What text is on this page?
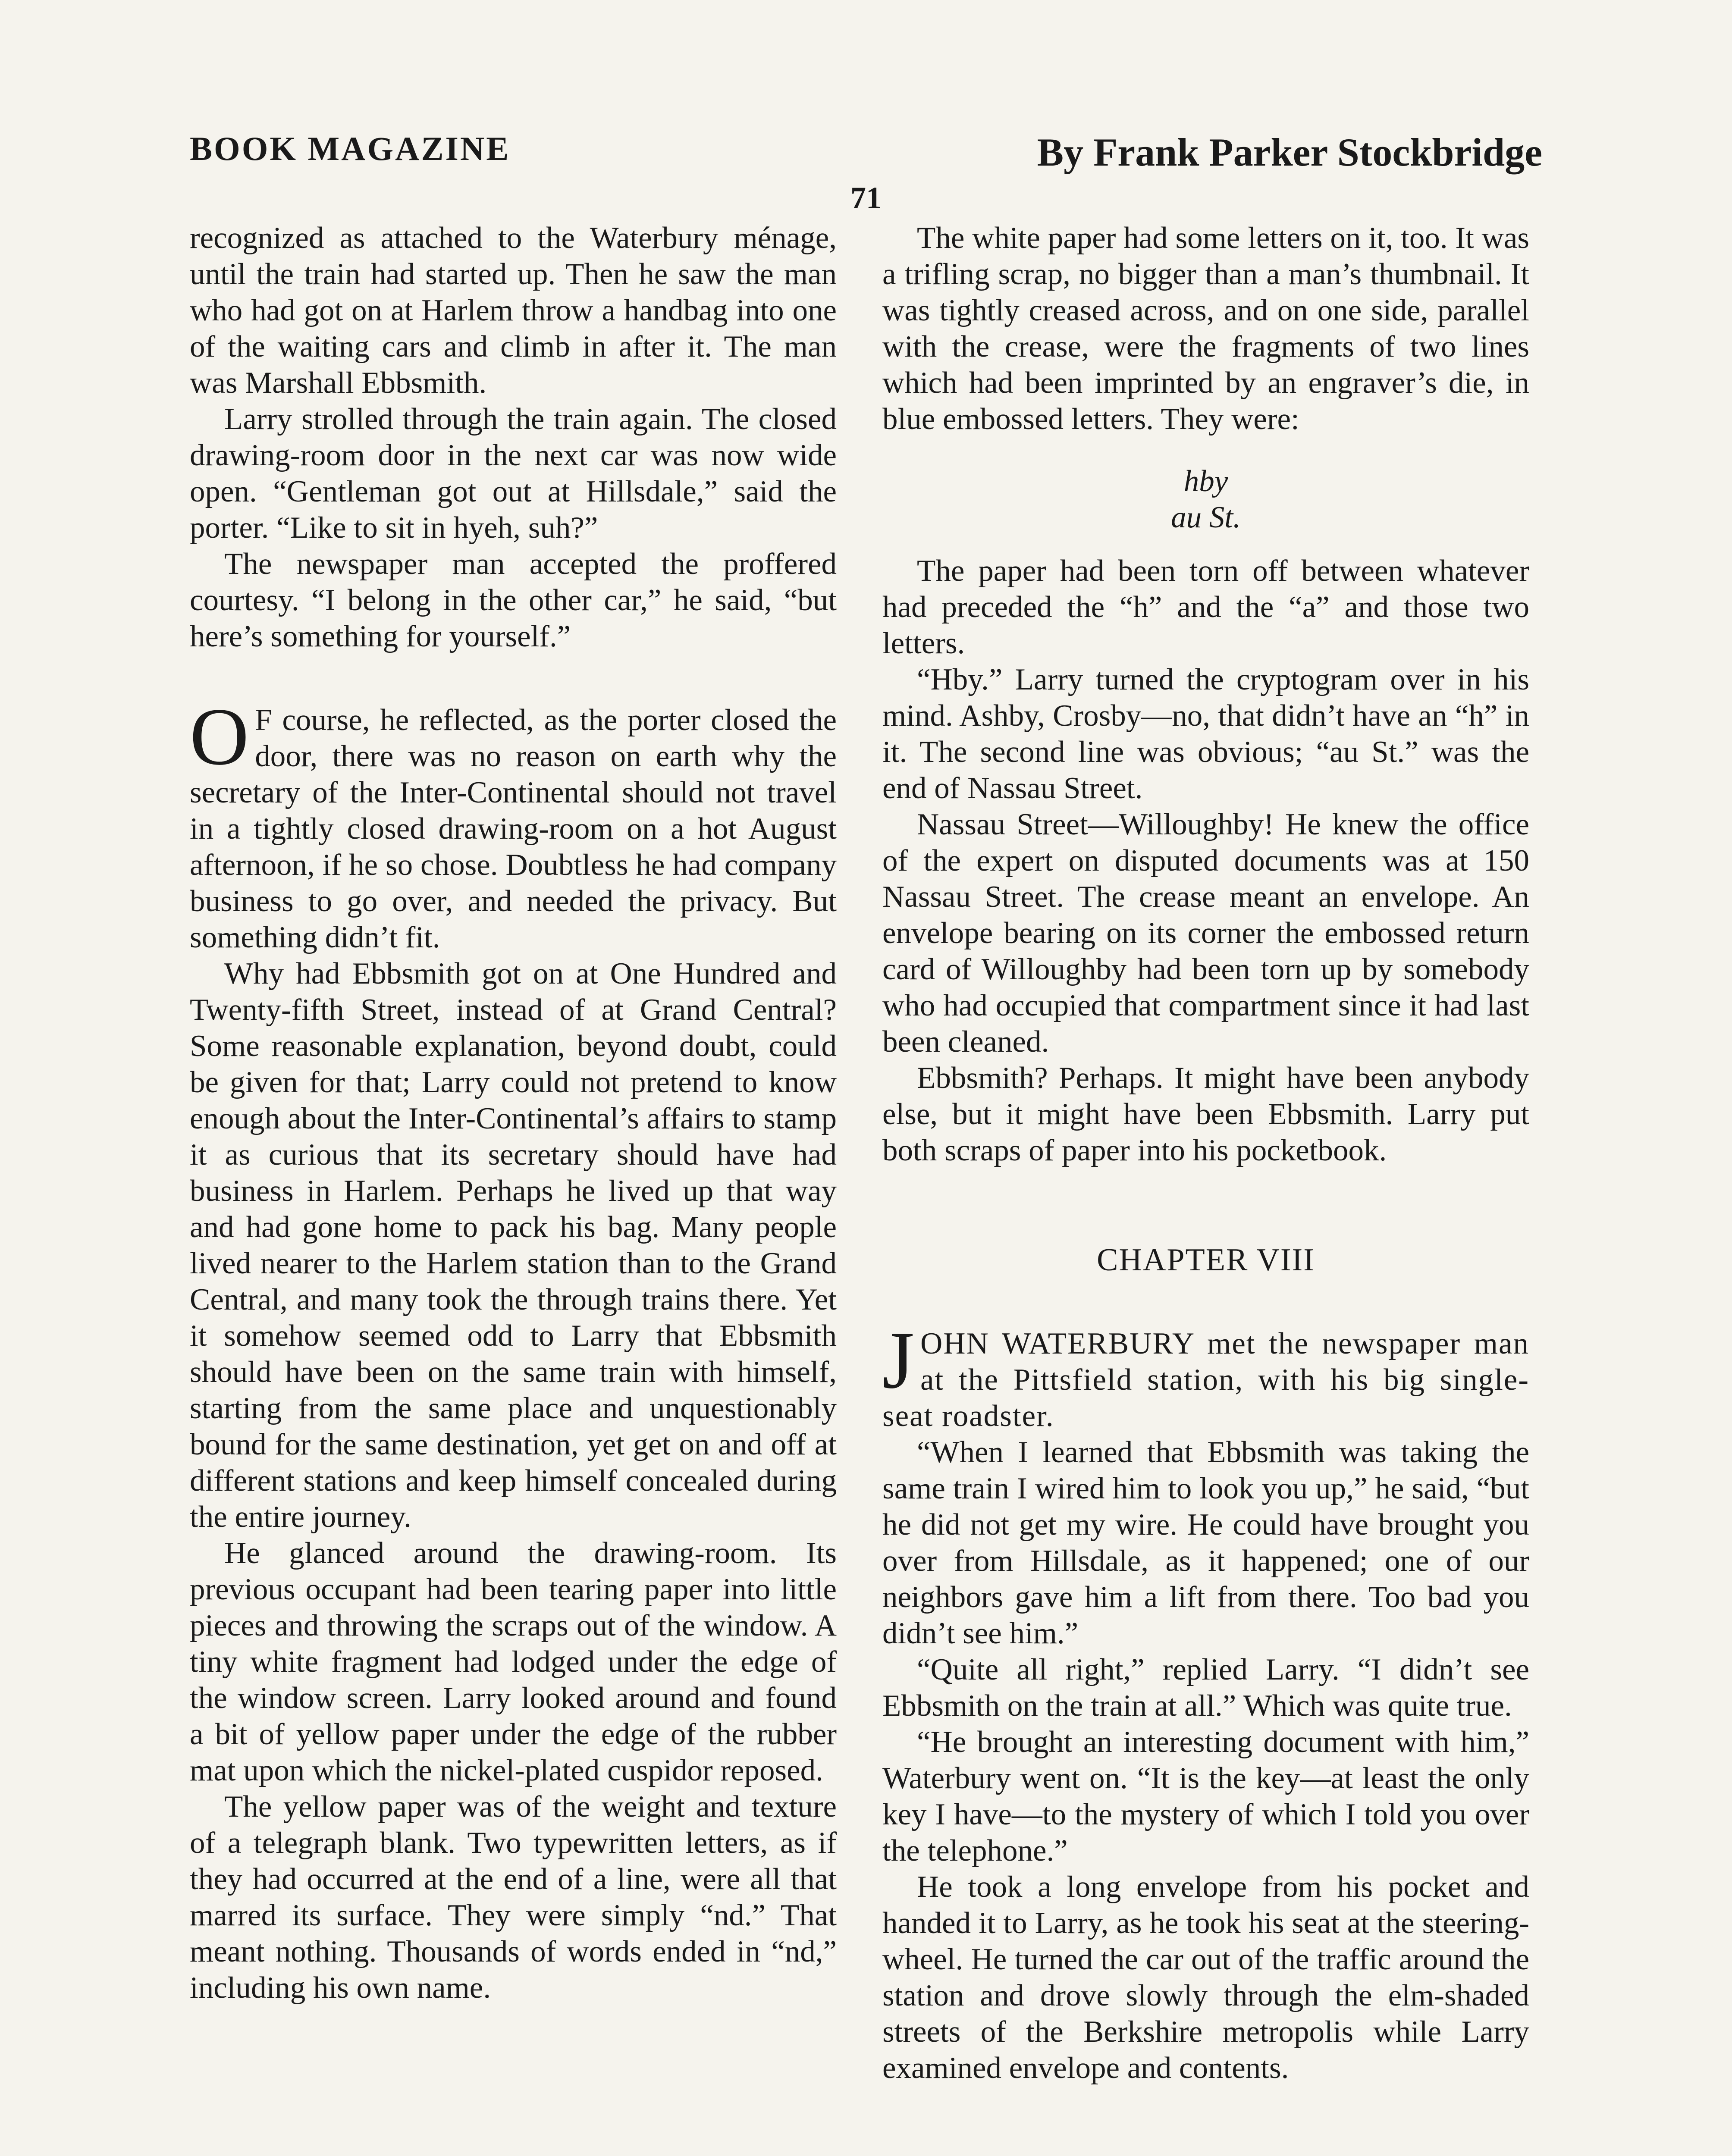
BOOK MAGAZINE	By Frank Parker Stockbridge
71

recognized as attached to the Waterbury ménage, until the train had started up. Then he saw the man who had got on at Harlem throw a handbag into one of the waiting cars and climb in after it. The man was Marshall Ebbsmith.

Larry strolled through the train again. The closed drawing-room door in the next car was now wide open. “Gentleman got out at Hillsdale,” said the porter. “Like to sit in hyeh, suh?”

The newspaper man accepted the proffered courtesy. “I belong in the other car,” he said, “but here’s something for yourself.”

O F course, he reflected, as the porter closed the door, there was no reason on earth why the secretary of the Inter-Continental should not travel in a tightly closed drawing-room on a hot August afternoon, if he so chose. Doubtless he had company business to go over, and needed the privacy. But something didn’t fit.

Why had Ebbsmith got on at One Hundred and Twenty-fifth Street, instead of at Grand Central? Some reasonable explanation, beyond doubt, could be given for that; Larry could not pretend to know enough about the Inter-Continental’s affairs to stamp it as curious that its secretary should have had business in Harlem. Perhaps he lived up that way and had gone home to pack his bag. Many people lived nearer to the Harlem station than to the Grand Central, and many took the through trains there. Yet it somehow seemed odd to Larry that Ebbsmith should have been on the same train with himself, starting from the same place and unquestionably bound for the same destination, yet get on and off at different stations and keep himself concealed during the entire journey.

He glanced around the drawing-room. Its previous occupant had been tearing paper into little pieces and throwing the scraps out of the window. A tiny white fragment had lodged under the edge of the window screen. Larry looked around and found a bit of yellow paper under the edge of the rubber mat upon which the nickel-plated cuspidor reposed.

The yellow paper was of the weight and texture of a telegraph blank. Two typewritten letters, as if they had occurred at the end of a line, were all that marred its surface. They were simply “nd.” That meant nothing. Thousands of words ended in “nd,” including his own name.

The white paper had some letters on it, too. It was a trifling scrap, no bigger than a man’s thumbnail. It was tightly creased across, and on one side, parallel with the crease, were the fragments of two lines which had been imprinted by an engraver’s die, in blue embossed letters. They were:

hby
au St.

The paper had been torn off between whatever had preceded the “h” and the “a” and those two letters.

“Hby.” Larry turned the cryptogram over in his mind. Ashby, Crosby—no, that didn’t have an “h” in it. The second line was obvious; “au St.” was the end of Nassau Street.

Nassau Street—Willoughby! He knew the office of the expert on disputed documents was at 150 Nassau Street. The crease meant an envelope. An envelope bearing on its corner the embossed return card of Willoughby had been torn up by somebody who had occupied that compartment since it had last been cleaned.

Ebbsmith? Perhaps. It might have been anybody else, but it might have been Ebbsmith. Larry put both scraps of paper into his pocketbook.

CHAPTER VIII

JOHN WATERBURY met the newspaper man at the Pittsfield station, with his big single-seat roadster.

“When I learned that Ebbsmith was taking the same train I wired him to look you up,” he said, “but he did not get my wire. He could have brought you over from Hillsdale, as it happened; one of our neighbors gave him a lift from there. Too bad you didn’t see him.”

“Quite all right,” replied Larry. “I didn’t see Ebbsmith on the train at all.” Which was quite true.

“He brought an interesting document with him,” Waterbury went on. “It is the key—at least the only key I have—to the mystery of which I told you over the telephone.”

He took a long envelope from his pocket and handed it to Larry, as he took his seat at the steering-wheel. He turned the car out of the traffic around the station and drove slowly through the elm-shaded streets of the Berkshire metropolis while Larry examined envelope and contents.
